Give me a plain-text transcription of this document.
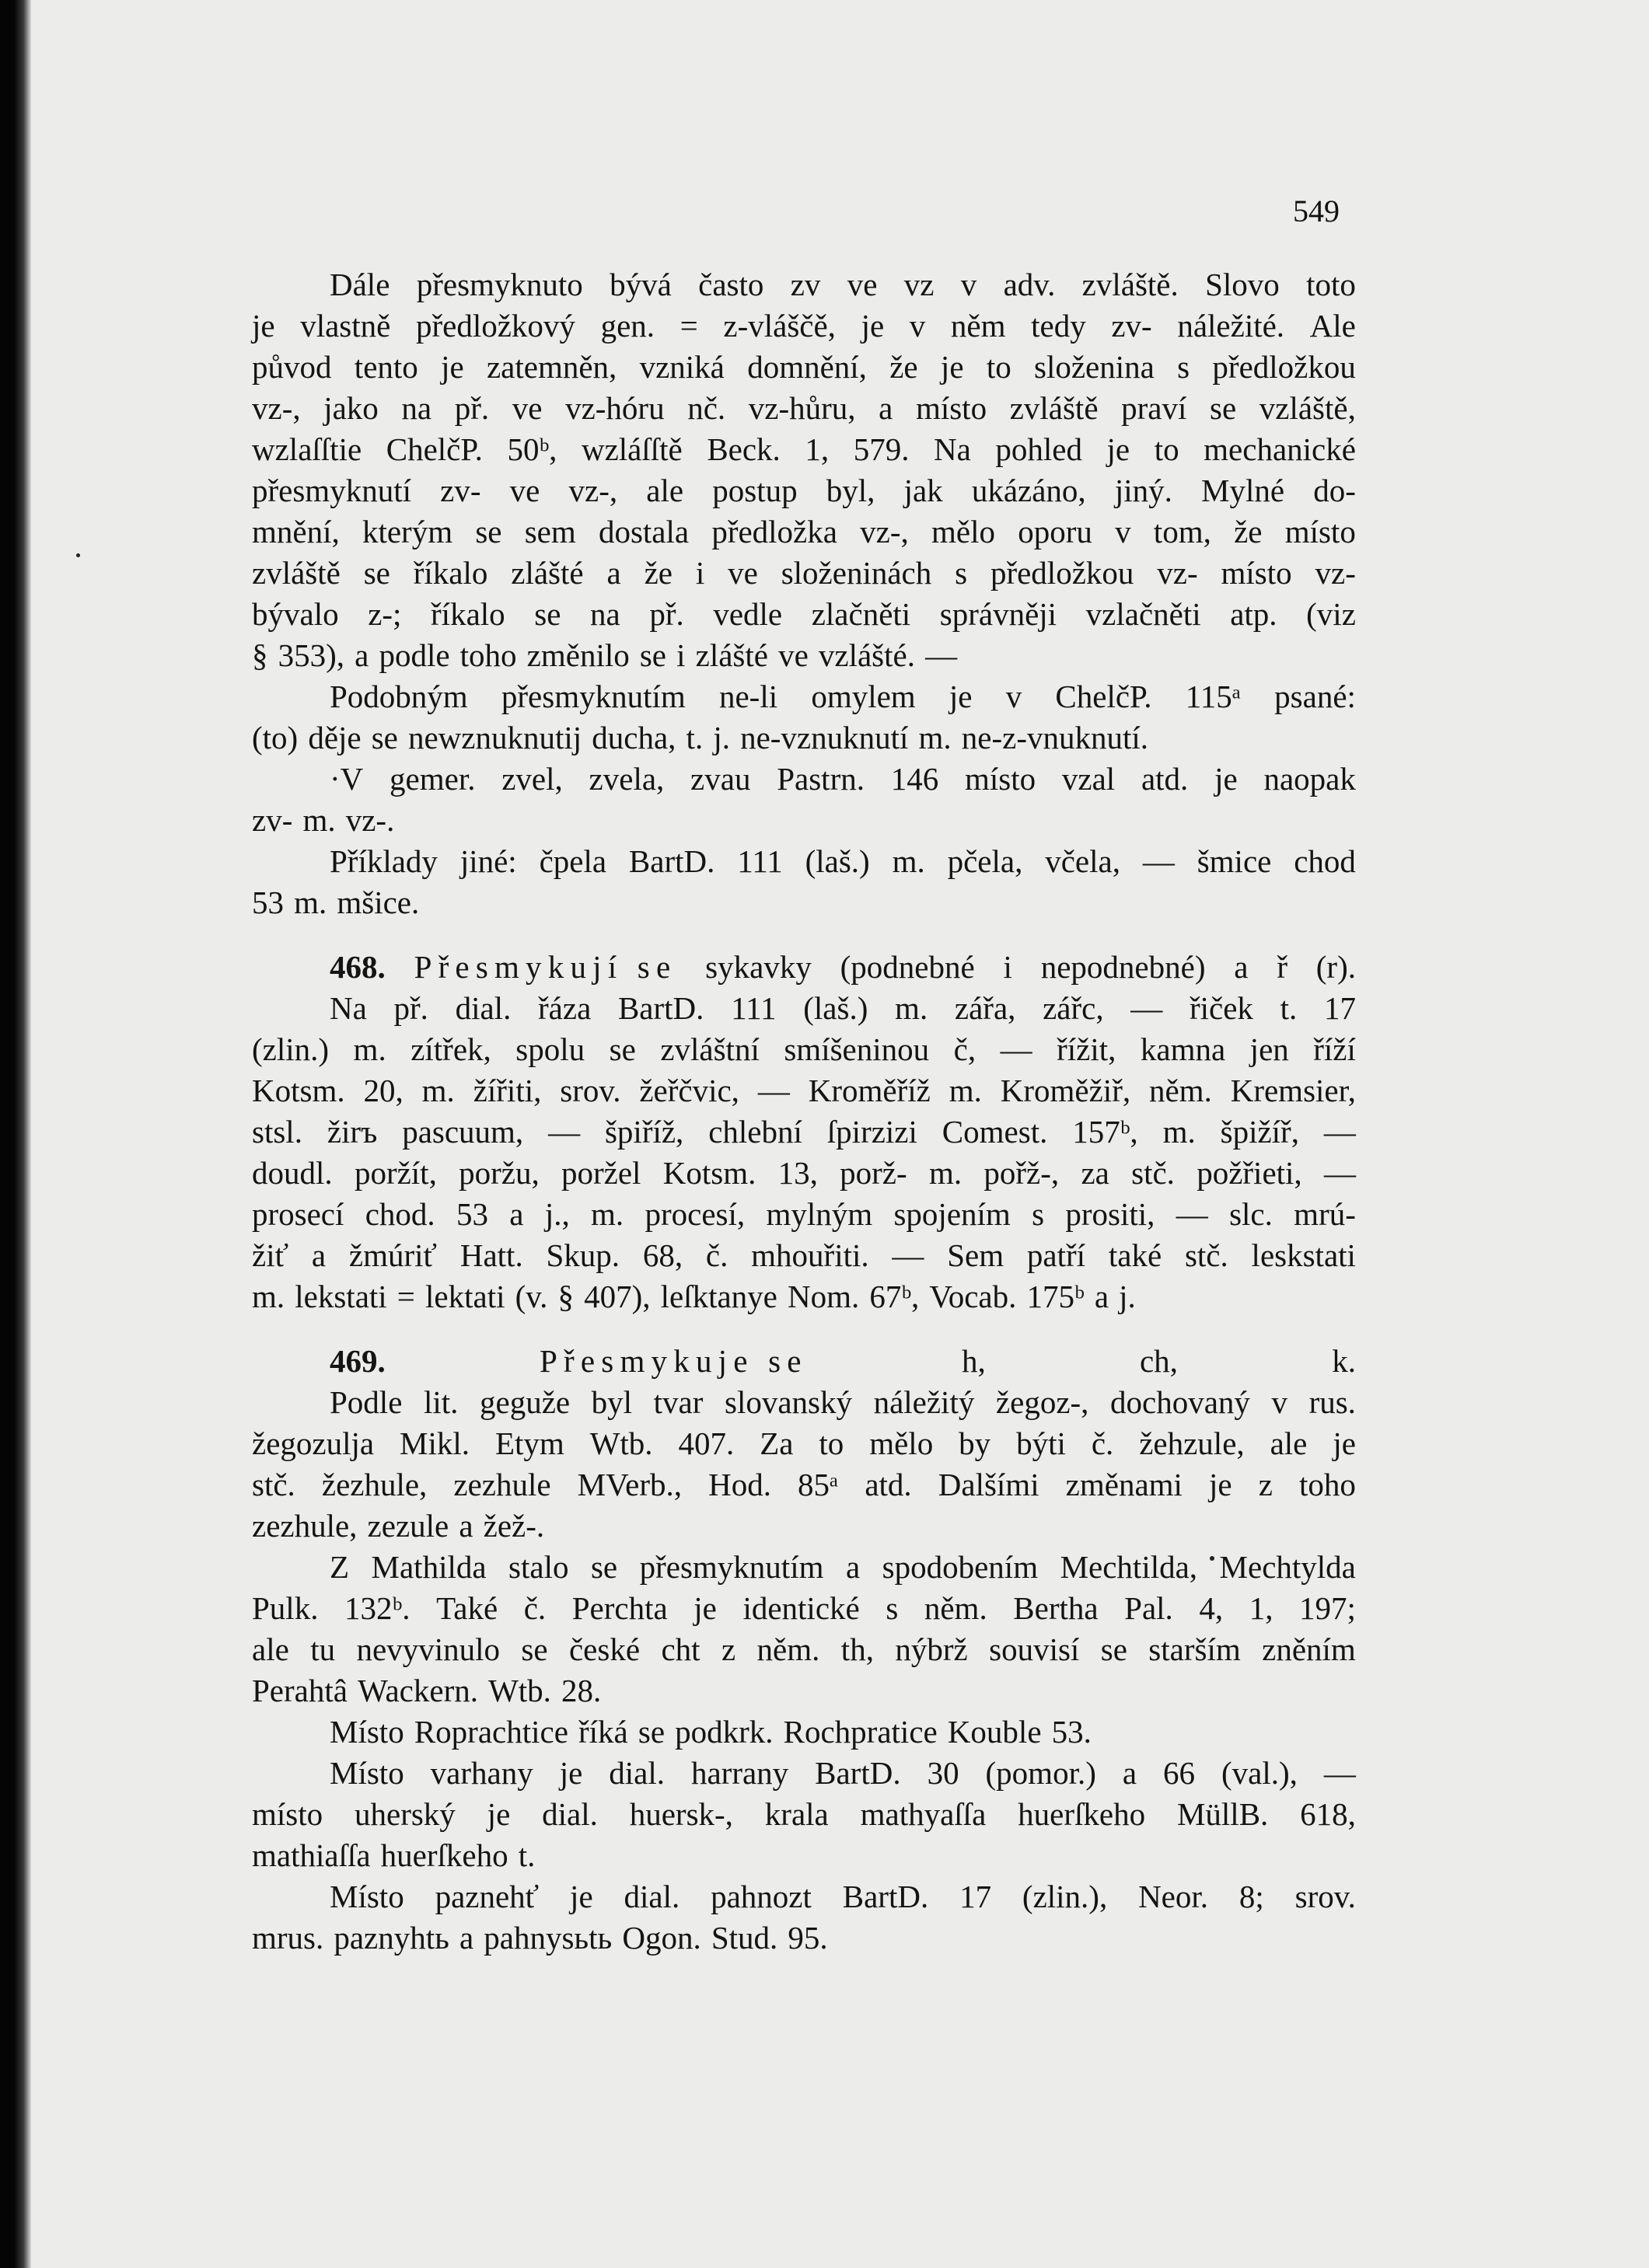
549
Dále přesmyknuto bývá často zv ve vz v adv. zvláště. Slovo toto
je vlastně předložkový gen. = z-vláščě, je v něm tedy zv- náležité. Ale
původ tento je zatemněn, vzniká domnění, že je to složenina s předložkou
vz-, jako na př. ve vz-hóru nč. vz-hůru, a místo zvláště praví se vzláště,
wzlaſſtie ChelčP. 50ᵇ, wzláſſtě Beck. 1, 579. Na pohled je to mechanické
přesmyknutí zv- ve vz-, ale postup byl, jak ukázáno, jiný. Mylné do-
mnění, kterým se sem dostala předložka vz-, mělo oporu v tom, že místo
zvláště se říkalo zlášté a že i ve složeninách s předložkou vz- místo vz-
bývalo z-; říkalo se na př. vedle zlačněti správněji vzlačněti atp. (viz
§ 353), a podle toho změnilo se i zlášté ve vzlášté. —
Podobným přesmyknutím ne-li omylem je v ChelčP. 115ᵃ psané:
(to) děje se newznuknutij ducha, t. j. ne-vznuknutí m. ne-z-vnuknutí.
·V gemer. zvel, zvela, zvau Pastrn. 146 místo vzal atd. je naopak
zv- m. vz-.
Příklady jiné: čpela BartD. 111 (laš.) m. pčela, včela, — šmice chod
53 m. mšice.
468. Přesmykují se sykavky (podnebné i nepodnebné) a ř (r).
Na př. dial. řáza BartD. 111 (laš.) m. zářa, zářc, — řiček t. 17
(zlin.) m. zítřek, spolu se zvláštní smíšeninou č, — řížit, kamna jen říží
Kotsm. 20, m. žířiti, srov. žeřčvic, — Kroměříž m. Kroměžiř, něm. Kremsier,
stsl. žirъ pascuum, — špiříž, chlební ſpirzizi Comest. 157ᵇ, m. špižíř, —
doudl. poržít, poržu, poržel Kotsm. 13, porž- m. pořž-, za stč. požřieti, —
prosecí chod. 53 a j., m. procesí, mylným spojením s prositi, — slc. mrú-
žiť a žmúriť Hatt. Skup. 68, č. mhouřiti. — Sem patří také stč. leskstati
m. lekstati = lektati (v. § 407), leſktanye Nom. 67ᵇ, Vocab. 175ᵇ a j.
469.	Přesmykuje se	h,	ch,	k.
Podle lit. geguže byl tvar slovanský náležitý žegoz-, dochovaný v rus.
žegozulja Mikl. Etym Wtb. 407. Za to mělo by býti č. žehzule, ale je
stč. žezhule, zezhule MVerb., Hod. 85ᵃ atd. Dalšími změnami je z toho
zezhule, zezule a žež-.
Z Mathilda stalo se přesmyknutím a spodobením Mechtilda, Mechtylda
Pulk. 132ᵇ. Také č. Perchta je identické s něm. Bertha Pal. 4, 1, 197;
ale tu nevyvinulo se české cht z něm. th, nýbrž souvisí se starším zněním
Perahtâ Wackern. Wtb. 28.
Místo Roprachtice říká se podkrk. Rochpratice Kouble 53.
Místo varhany je dial. harrany BartD. 30 (pomor.) a 66 (val.), —
místo uherský je dial. huersk-, krala mathyaſſa huerſkeho MüllB. 618,
mathiaſſa huerſkeho t.
Místo paznehť je dial. pahnozt BartD. 17 (zlin.), Neor. 8; srov.
mrus. paznyhtь a pahnysьtь Ogon. Stud. 95.
